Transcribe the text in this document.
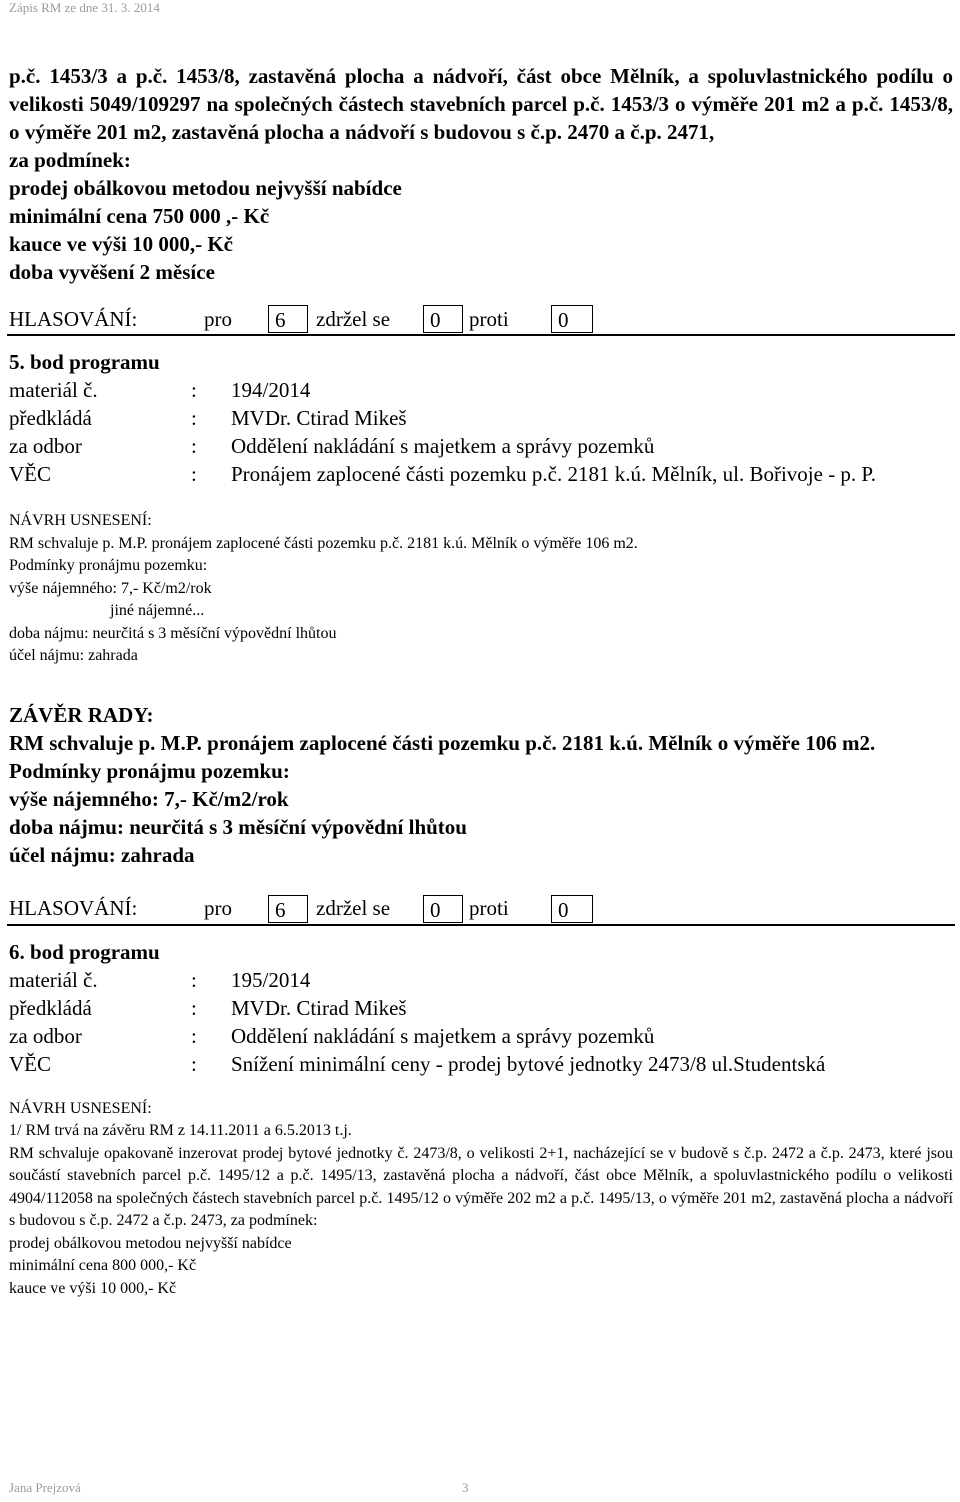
Zápis RM ze dne 31. 3. 2014

p.č. 1453/3 a p.č. 1453/8, zastavěná plocha a nádvoří, část obce Mělník, a spoluvlastnického podílu o velikosti 5049/109297 na společných částech stavebních parcel p.č. 1453/3 o výměře 201 m2 a p.č. 1453/8, o výměře 201 m2, zastavěná plocha a nádvoří s budovou s č.p. 2470 a č.p. 2471,

za podmínek:

prodej obálkovou metodou nejvyšší nabídce

minimální cena 750 000 ,- Kč

kauce ve výši 10 000,- Kč

doba vyvěšení 2 měsíce

HLASOVÁNÍ:	pro	6	zdržel se	0	proti	0
5. bod programu
materiál č.	:	194/2014
předkládá	:	MVDr. Ctirad Mikeš
za odbor	:	Oddělení nakládání s majetkem a správy pozemků
VĚC	:	Pronájem zaplocené části pozemku p.č. 2181 k.ú. Mělník, ul. Bořivoje - p. P.
NÁVRH USNESENÍ:
RM schvaluje p. M.P. pronájem zaplocené části pozemku p.č. 2181 k.ú. Mělník o výměře 106 m2.
Podmínky pronájmu pozemku:
výše nájemného: 7,- Kč/m2/rok
jiné nájemné...
doba nájmu: neurčitá s 3 měsíční výpovědní lhůtou
účel nájmu: zahrada
ZÁVĚR RADY:

RM schvaluje p. M.P. pronájem zaplocené části pozemku p.č. 2181 k.ú. Mělník o výměře 106 m2.

Podmínky pronájmu pozemku:
výše nájemného: 7,- Kč/m2/rok
doba nájmu: neurčitá s 3 měsíční výpovědní lhůtou
účel nájmu: zahrada
HLASOVÁNÍ:	pro	6	zdržel se	0	proti	0
6. bod programu
materiál č.	:	195/2014
předkládá	:	MVDr. Ctirad Mikeš
za odbor	:	Oddělení nakládání s majetkem a správy pozemků
VĚC	:	Snížení minimální ceny - prodej bytové jednotky 2473/8 ul.Studentská
NÁVRH USNESENÍ:
1/ RM trvá na závěru RM z 14.11.2011 a 6.5.2013 t.j.

RM schvaluje opakovaně inzerovat prodej bytové jednotky č. 2473/8, o velikosti 2+1, nacházející se v budově s č.p. 2472 a č.p. 2473, které jsou součástí stavebních parcel p.č. 1495/12 a p.č. 1495/13, zastavěná plocha a nádvoří, část obce Mělník, a spoluvlastnického podílu o velikosti 4904/112058 na společných částech stavebních parcel p.č. 1495/12 o výměře 202 m2 a p.č. 1495/13, o výměře 201 m2, zastavěná plocha a nádvoří s budovou s č.p. 2472 a č.p. 2473, za podmínek:

prodej obálkovou metodou nejvyšší nabídce
minimální cena 800 000,- Kč
kauce ve výši 10 000,- Kč
Jana Prejzová	3
